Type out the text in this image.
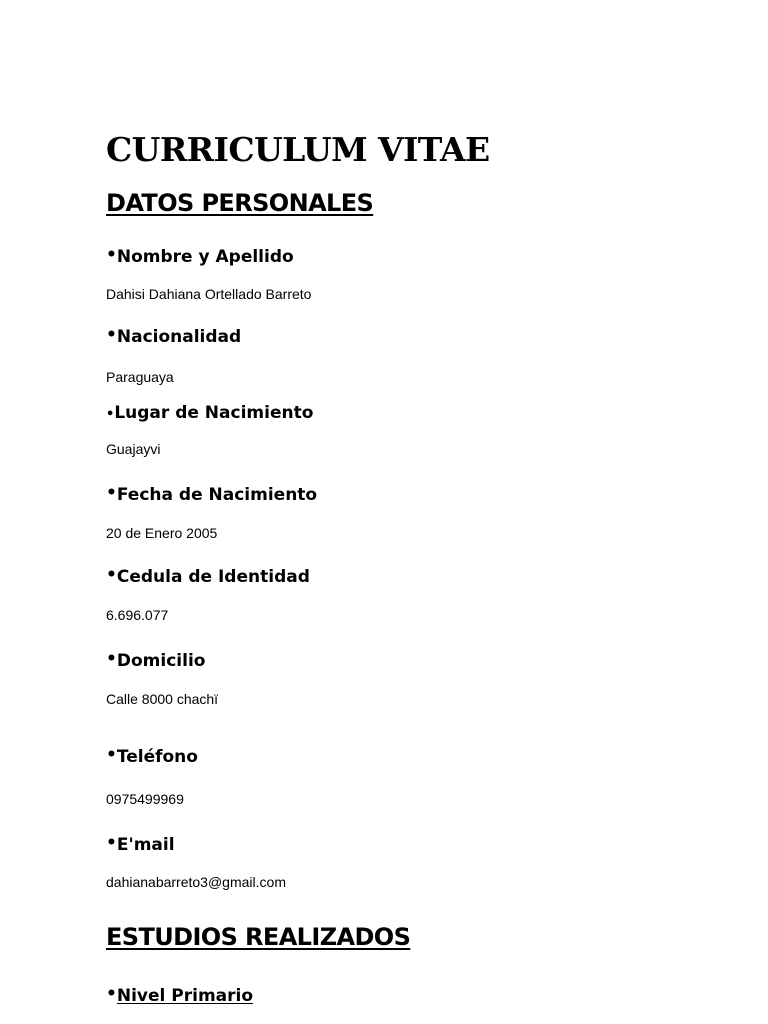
CURRICULUM VITAE
DATOS PERSONALES

•Nombre y Apellido

Dahisi Dahiana Ortellado Barreto

•Nacionalidad

Paraguaya

•Lugar de Nacimiento

Guajayvi

•Fecha de Nacimiento

20 de Enero 2005

•Cedula de Identidad

6.696.077

•Domicilio

Calle 8000 chachï

•Teléfono

0975499969

•E'mail

dahianabarreto3@gmail.com

ESTUDIOS REALIZADOS

•Nivel Primario
